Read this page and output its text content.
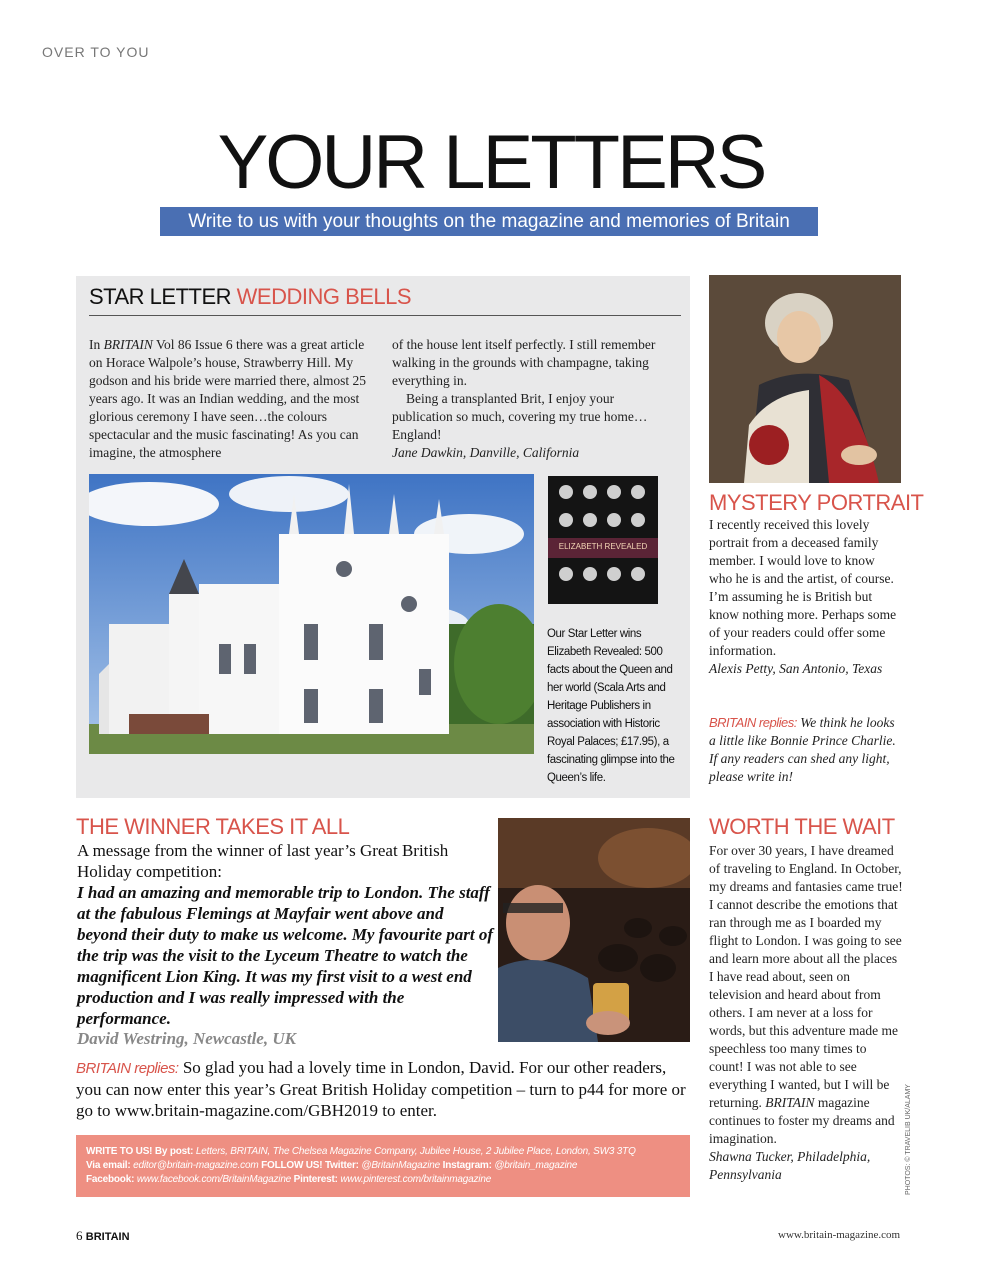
OVER TO YOU
YOUR LETTERS
Write to us with your thoughts on the magazine and memories of Britain
STAR LETTER WEDDING BELLS
In BRITAIN Vol 86 Issue 6 there was a great article on Horace Walpole’s house, Strawberry Hill. My godson and his bride were married there, almost 25 years ago. It was an Indian wedding, and the most glorious ceremony I have seen…the colours spectacular and the music fascinating! As you can imagine, the atmosphere
of the house lent itself perfectly. I still remember walking in the grounds with champagne, taking everything in.
Being a transplanted Brit, I enjoy your publication so much, covering my true home…England!
Jane Dawkin, Danville, California
ELIZABETH REVEALED
Our Star Letter wins Elizabeth Revealed: 500 facts about the Queen and her world (Scala Arts and Heritage Publishers in association with Historic Royal Palaces; £17.95), a fascinating glimpse into the Queen’s life.
MYSTERY PORTRAIT
I recently received this lovely portrait from a deceased family member. I would love to know who he is and the artist, of course. I’m assuming he is British but know nothing more. Perhaps some of your readers could offer some information.
Alexis Petty, San Antonio, Texas
BRITAIN replies: We think he looks a little like Bonnie Prince Charlie. If any readers can shed any light, please write in!
THE WINNER TAKES IT ALL
A message from the winner of last year’s Great British Holiday competition:
I had an amazing and memorable trip to London. The staff at the fabulous Flemings at Mayfair went above and beyond their duty to make us welcome. My favourite part of the trip was the visit to the Lyceum Theatre to watch the magnificent Lion King. It was my first visit to a west end production and I was really impressed with the performance.
David Westring, Newcastle, UK
BRITAIN replies: So glad you had a lovely time in London, David. For our other readers, you can now enter this year’s Great British Holiday competition – turn to p44 for more or go to www.britain-magazine.com/GBH2019 to enter.
WRITE TO US! By post: Letters, BRITAIN, The Chelsea Magazine Company, Jubilee House, 2 Jubilee Place, London, SW3 3TQ
Via email: editor@britain-magazine.com FOLLOW US! Twitter: @BritainMagazine Instagram: @britain_magazine
Facebook: www.facebook.com/BritainMagazine Pinterest: www.pinterest.com/britainmagazine
WORTH THE WAIT
For over 30 years, I have dreamed of traveling to England. In October, my dreams and fantasies came true! I cannot describe the emotions that ran through me as I boarded my flight to London. I was going to see and learn more about all the places I have read about, seen on television and heard about from others. I am never at a loss for words, but this adventure made me speechless too many times to count! I was not able to see everything I wanted, but I will be returning. BRITAIN magazine continues to foster my dreams and imagination.
Shawna Tucker, Philadelphia, Pennsylvania	PHOTOS: © TRAVELIB UK/ALAMY
6 BRITAIN	www.britain-magazine.com
